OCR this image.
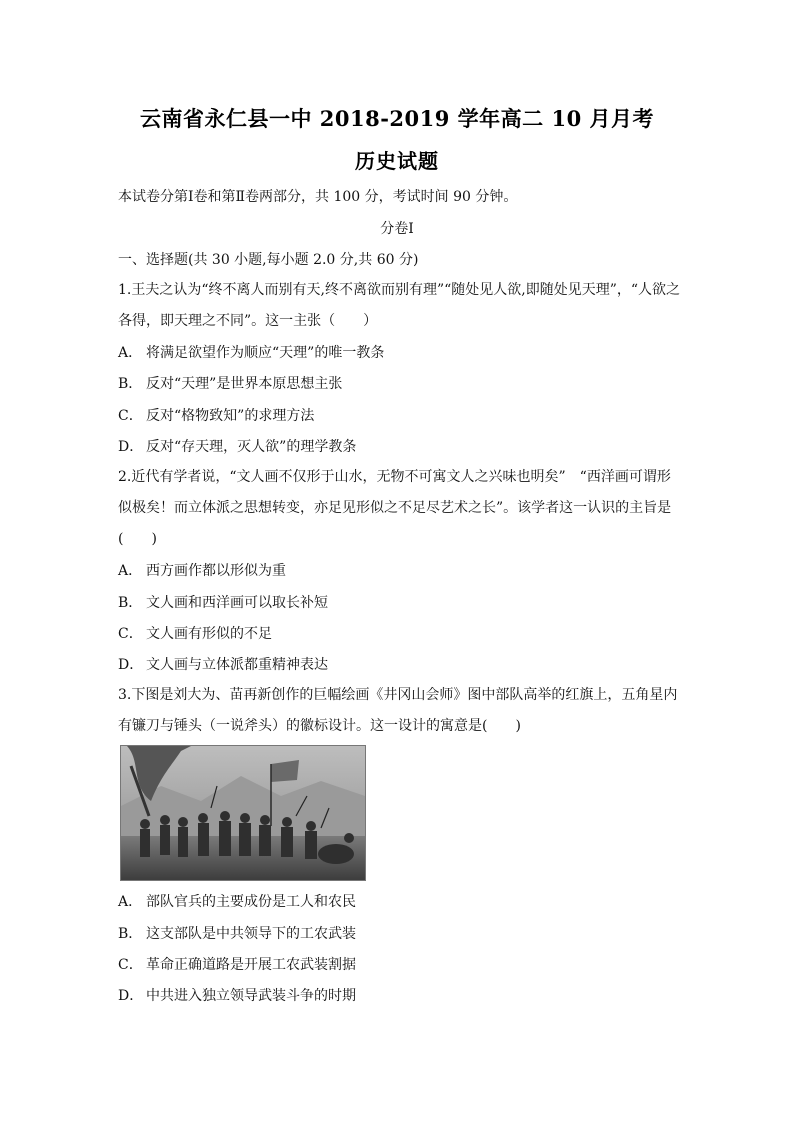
云南省永仁县一中 2018-2019 学年高二 10 月月考
历史试题
本试卷分第Ⅰ卷和第Ⅱ卷两部分，共 100 分，考试时间 90 分钟。
分卷Ⅰ
一、选择题(共 30 小题,每小题 2.0 分,共 60 分)
1.王夫之认为“终不离人而别有天,终不离欲而别有理”“随处见人欲,即随处见天理”，“人欲之各得，即天理之不同”。这一主张（　　）
A． 将满足欲望作为顺应“天理”的唯一教条
B． 反对“天理”是世界本原思想主张
C． 反对“格物致知”的求理方法
D． 反对“存天理，灭人欲”的理学教条
2.近代有学者说，“文人画不仅形于山水，无物不可寓文人之兴味也明矣”　“西洋画可谓形似极矣！而立体派之思想转变，亦足见形似之不足尽艺术之长”。该学者这一认识的主旨是(　　)
A． 西方画作都以形似为重
B． 文人画和西洋画可以取长补短
C． 文人画有形似的不足
D． 文人画与立体派都重精神表达
3.下图是刘大为、苗再新创作的巨幅绘画《井冈山会师》图中部队高举的红旗上，五角星内有镰刀与锤头（一说斧头）的徽标设计。这一设计的寓意是(　　)
A． 部队官兵的主要成份是工人和农民
B． 这支部队是中共领导下的工农武装
C． 革命正确道路是开展工农武装割据
D． 中共进入独立领导武装斗争的时期
